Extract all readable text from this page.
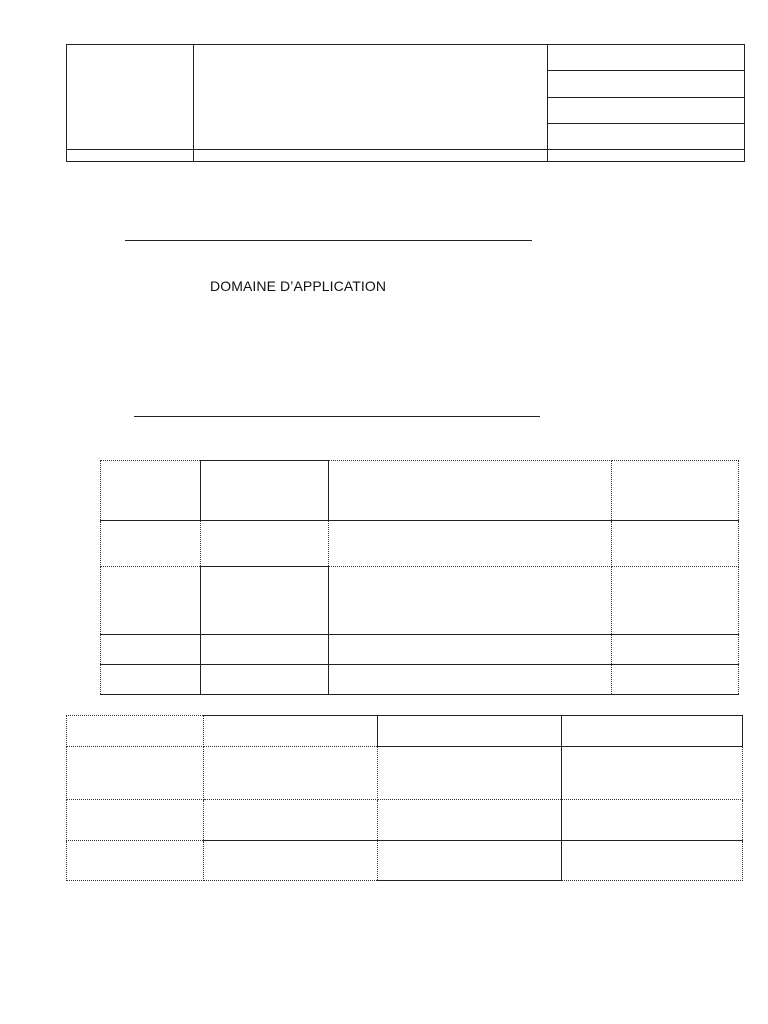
DOMAINE D’APPLICATION
